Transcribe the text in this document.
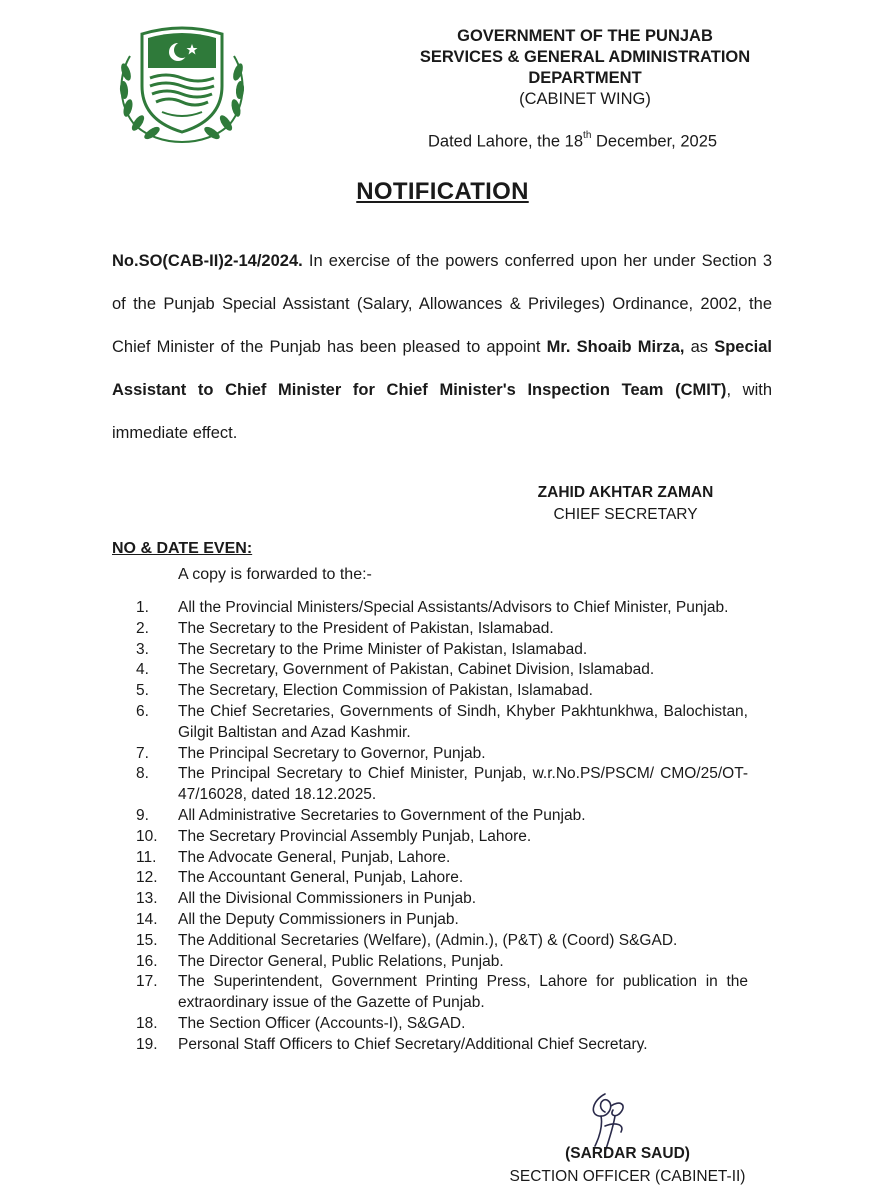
GOVERNMENT OF THE PUNJAB
SERVICES & GENERAL ADMINISTRATION
DEPARTMENT
(CABINET WING)
Dated Lahore, the 18th December, 2025
NOTIFICATION
No.SO(CAB-II)2-14/2024. In exercise of the powers conferred upon her under Section 3 of the Punjab Special Assistant (Salary, Allowances & Privileges) Ordinance, 2002, the Chief Minister of the Punjab has been pleased to appoint Mr. Shoaib Mirza, as Special Assistant to Chief Minister for Chief Minister's Inspection Team (CMIT), with immediate effect.
ZAHID AKHTAR ZAMAN
CHIEF SECRETARY
NO & DATE EVEN:
A copy is forwarded to the:-
1.	All the Provincial Ministers/Special Assistants/Advisors to Chief Minister, Punjab.
2.	The Secretary to the President of Pakistan, Islamabad.
3.	The Secretary to the Prime Minister of Pakistan, Islamabad.
4.	The Secretary, Government of Pakistan, Cabinet Division, Islamabad.
5.	The Secretary, Election Commission of Pakistan, Islamabad.
6.	The Chief Secretaries, Governments of Sindh, Khyber Pakhtunkhwa, Balochistan, Gilgit Baltistan and Azad Kashmir.
7.	The Principal Secretary to Governor, Punjab.
8.	The Principal Secretary to Chief Minister, Punjab, w.r.No.PS/PSCM/ CMO/25/OT-47/16028, dated 18.12.2025.
9.	All Administrative Secretaries to Government of the Punjab.
10.	The Secretary Provincial Assembly Punjab, Lahore.
11.	The Advocate General, Punjab, Lahore.
12.	The Accountant General, Punjab, Lahore.
13.	All the Divisional Commissioners in Punjab.
14.	All the Deputy Commissioners in Punjab.
15.	The Additional Secretaries (Welfare), (Admin.), (P&T) & (Coord) S&GAD.
16.	The Director General, Public Relations, Punjab.
17.	The Superintendent, Government Printing Press, Lahore for publication in the extraordinary issue of the Gazette of Punjab.
18.	The Section Officer (Accounts-I), S&GAD.
19.	Personal Staff Officers to Chief Secretary/Additional Chief Secretary.
(SARDAR SAUD)
SECTION OFFICER (CABINET-II)
